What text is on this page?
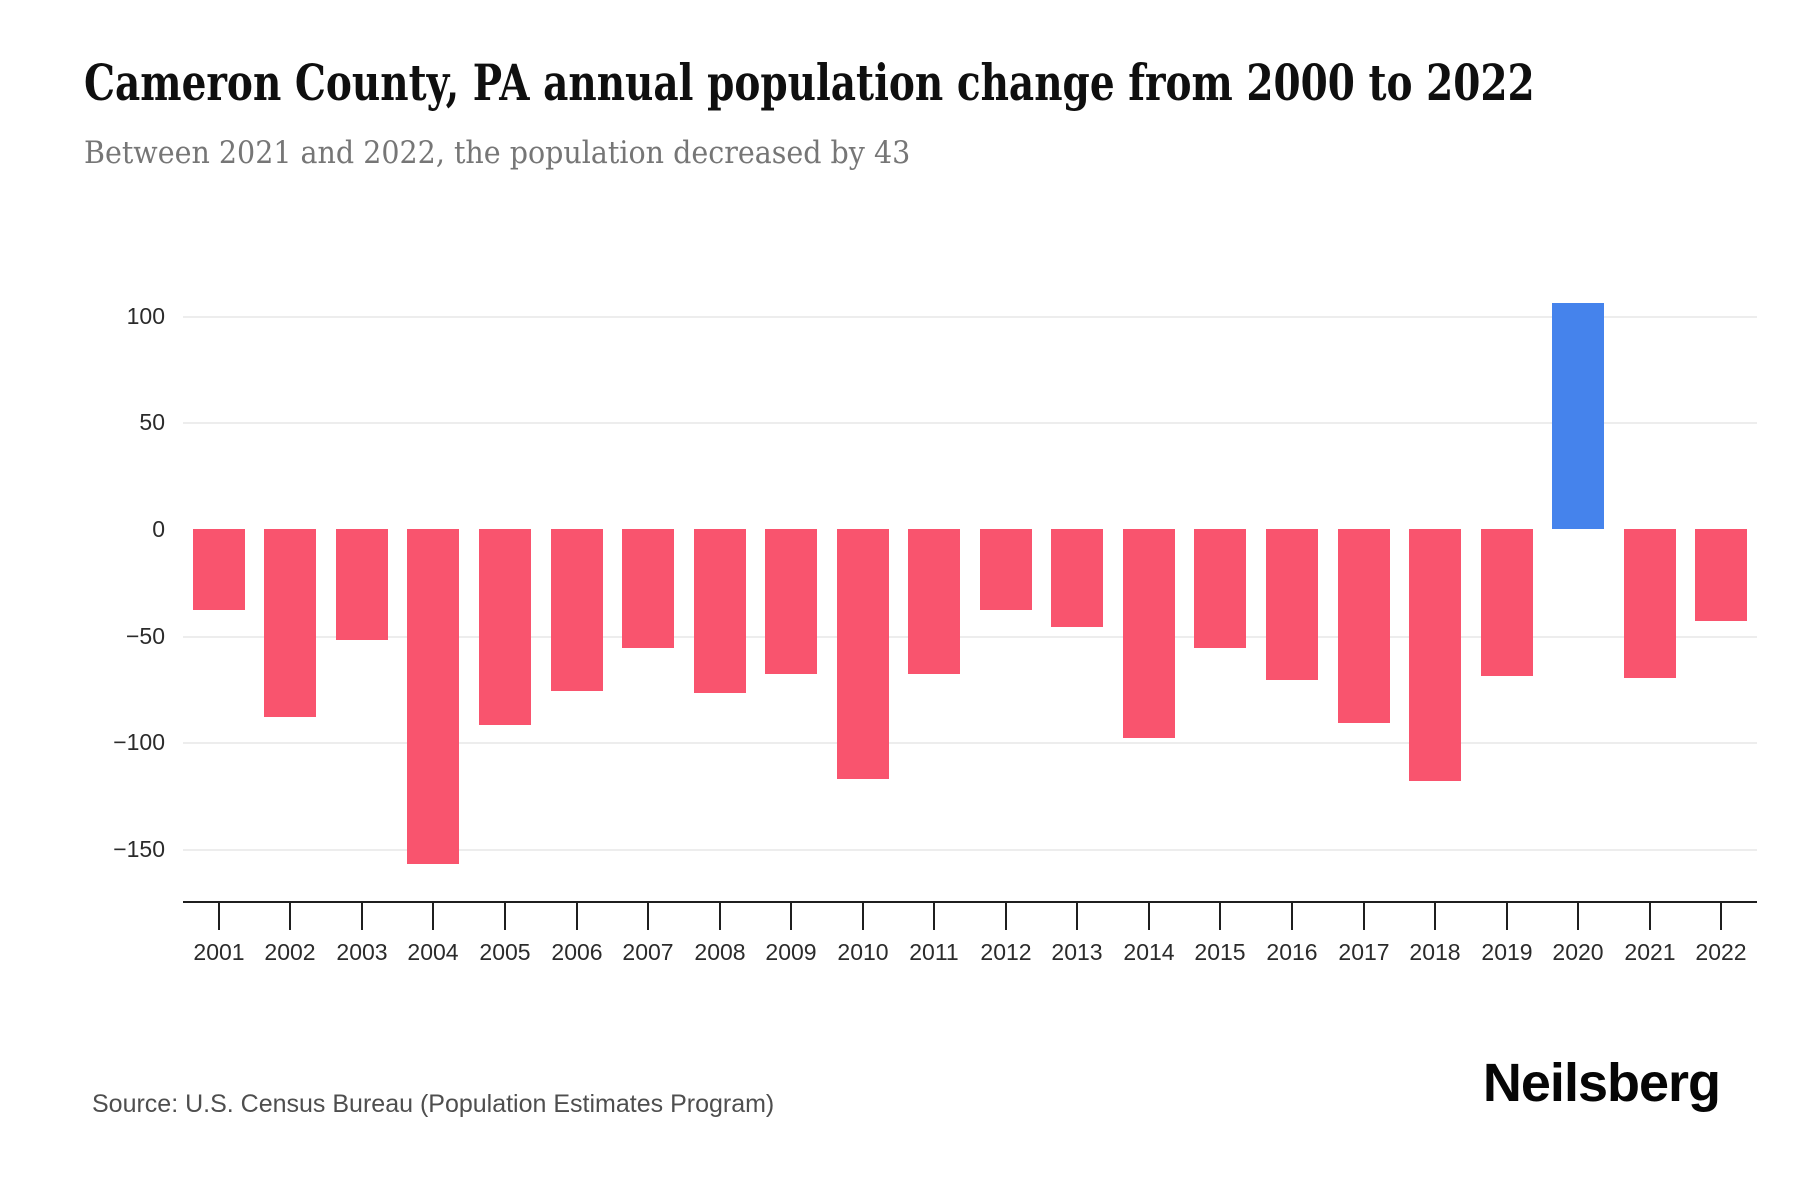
Cameron County, PA annual population change from 2000 to 2022
Between 2021 and 2022, the population decreased by 43
100
50
0
−50
−100
−150
2001 2002 2003 2004 2005 2006 2007 2008 2009 2010 2011 2012 2013 2014 2015 2016 2017 2018 2019 2020 2021 2022
Source: U.S. Census Bureau (Population Estimates Program)	Neilsberg
